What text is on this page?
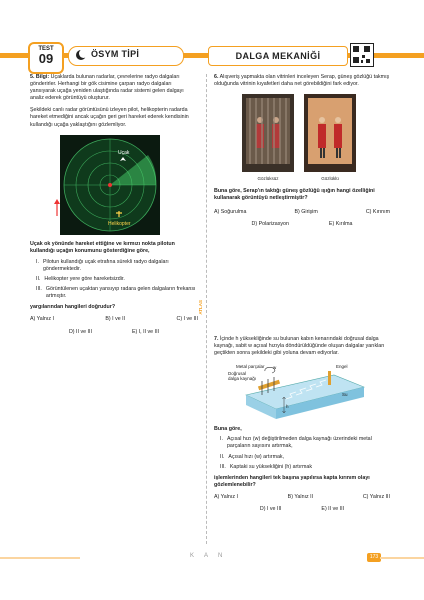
TEST
09	ÖSYM TİPİ	DALGA MEKANİĞİ

5. Bilgi: Uçaklarda bulunan radarlar, çevrelerine radyo dalgaları gönderirler. Herhangi bir gök cisimine çarpan radyo dalgaları yansıyarak uçağa yeniden ulaştığında radar sistemi gelen dalgayı analiz ederek görüntüyü oluşturur.

Şekildeki canlı radar görüntüsünü izleyen pilot, helikopterin radarda hareket etmediğini ancak uçağın geri geri hareket ederek kendisinin kullandığı uçağa yaklaştığını gözlemliyor.

Uçak
Helikopter

Uçak ok yönünde hareket ettiğine ve kırmızı nokta pilotun kullandığı uçağın konumunu gösterdiğine göre,

I. Pilotun kullandığı uçak etrafına sürekli radyo dalgaları göndermektedir.

II. Helikopter yere göre hareketsizdir.

III. Görüntülenen uçaktan yansıyıp radara gelen dalgaların frekansı artmıştır.

yargılarından hangileri doğrudur?

A) Yalnız I	B) I ve II	C) I ve III
D) II ve III	E) I, II ve III
ATLAS

6. Alışveriş yapmakta olan vitrinleri inceleyen Serap, güneş gözlüğü takmış olduğunda vitrinin kıyafetleri daha net görebildiğini fark ediyor.

Gözlüksüz	Gözlüklü

Buna göre, Serap'ın taktığı güneş gözlüğü ışığın hangi özelliğini kullanarak görüntüyü netleştirmiştir?

A) Soğurulma	B) Girişim	C) Kırınım
D) Polarizasyon	E) Kırılma

7. İçinde h yüksekliğinde su bulunan kabın kenarındaki doğrusal dalga kaynağı, sabit w açısal hızıyla döndürüldüğünde oluşan dalgalar yarıkları geçtikten sonra şekildeki gibi yoluna devam ediyorlar.

Metal parçalar
Doğrusal dalga kaynağı
Engel
w
h
Su

Buna göre,

I. Açısal hızı (w) değiştirilmeden dalga kaynağı üzerindeki metal parçaların sayısını artırmak,

II. Açısal hızı (w) artırmak,

III. Kaptaki su yüksekliğini (h) artırmak

işlemlerinden hangileri tek başına yapılırsa kapta kırınım olayı gözlemlenebilir?

A) Yalnız I	B) Yalnız II	C) Yalnız III
D) I ve III	E) II ve III
KAN	173
